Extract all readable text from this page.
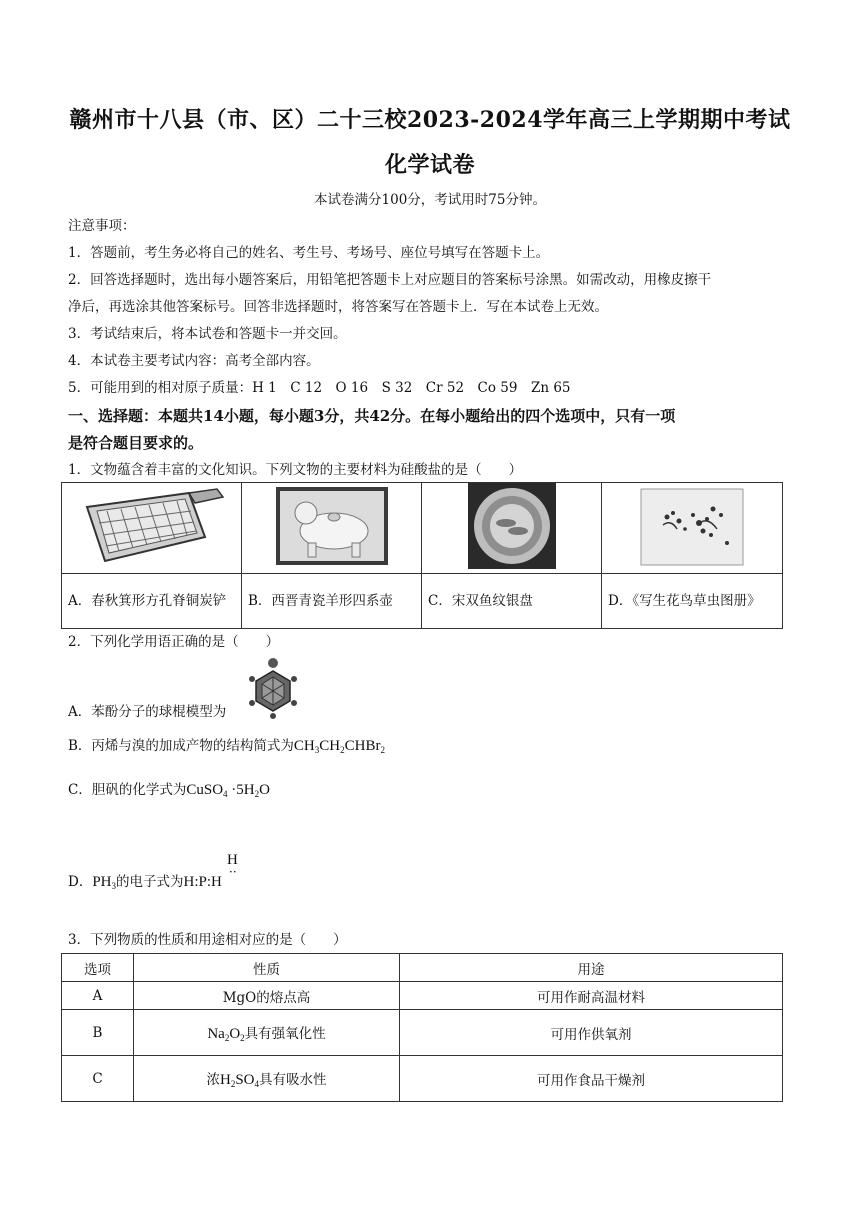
赣州市十八县（市、区）二十三校2023-2024学年高三上学期期中考试
化学试卷
本试卷满分100分，考试用时75分钟。
注意事项：
1．答题前，考生务必将自己的姓名、考生号、考场号、座位号填写在答题卡上。
2．回答选择题时，选出每小题答案后，用铅笔把答题卡上对应题目的答案标号涂黑。如需改动，用橡皮擦干
净后，再选涂其他答案标号。回答非选择题时，将答案写在答题卡上．写在本试卷上无效。
3．考试结束后，将本试卷和答题卡一并交回。
4．本试卷主要考试内容：高考全部内容。
5．可能用到的相对原子质量：H 1　C 12　O 16　S 32　Cr 52　Co 59　Zn 65
一、选择题：本题共14小题，每小题3分，共42分。在每小题给出的四个选项中，只有一项
是符合题目要求的。
1．文物蕴含着丰富的文化知识。下列文物的主要材料为硅酸盐的是（　　）

A．春秋箕形方孔脊铜炭铲	B．西晋青瓷羊形四系壶	C．宋双鱼纹银盘	D．《写生花鸟草虫图册》
2．下列化学用语正确的是（　　）
A．苯酚分子的球棍模型为
B．丙烯与溴的加成产物的结构简式为$CH_3CH_2CHBr_2$
C．胆矾的化学式为CuSO$_4$ $\cdot 5H_2O$
H
··
D．$PH_3$的电子式为H:P:H
3．下列物质的性质和用途相对应的是（　　）
选项	性质	用途
A	MgO的熔点高	可用作耐高温材料
B	$Na_2O_2$具有强氧化性	可用作供氧剂
C	浓$H_2SO_4$具有吸水性	可用作食品干燥剂
